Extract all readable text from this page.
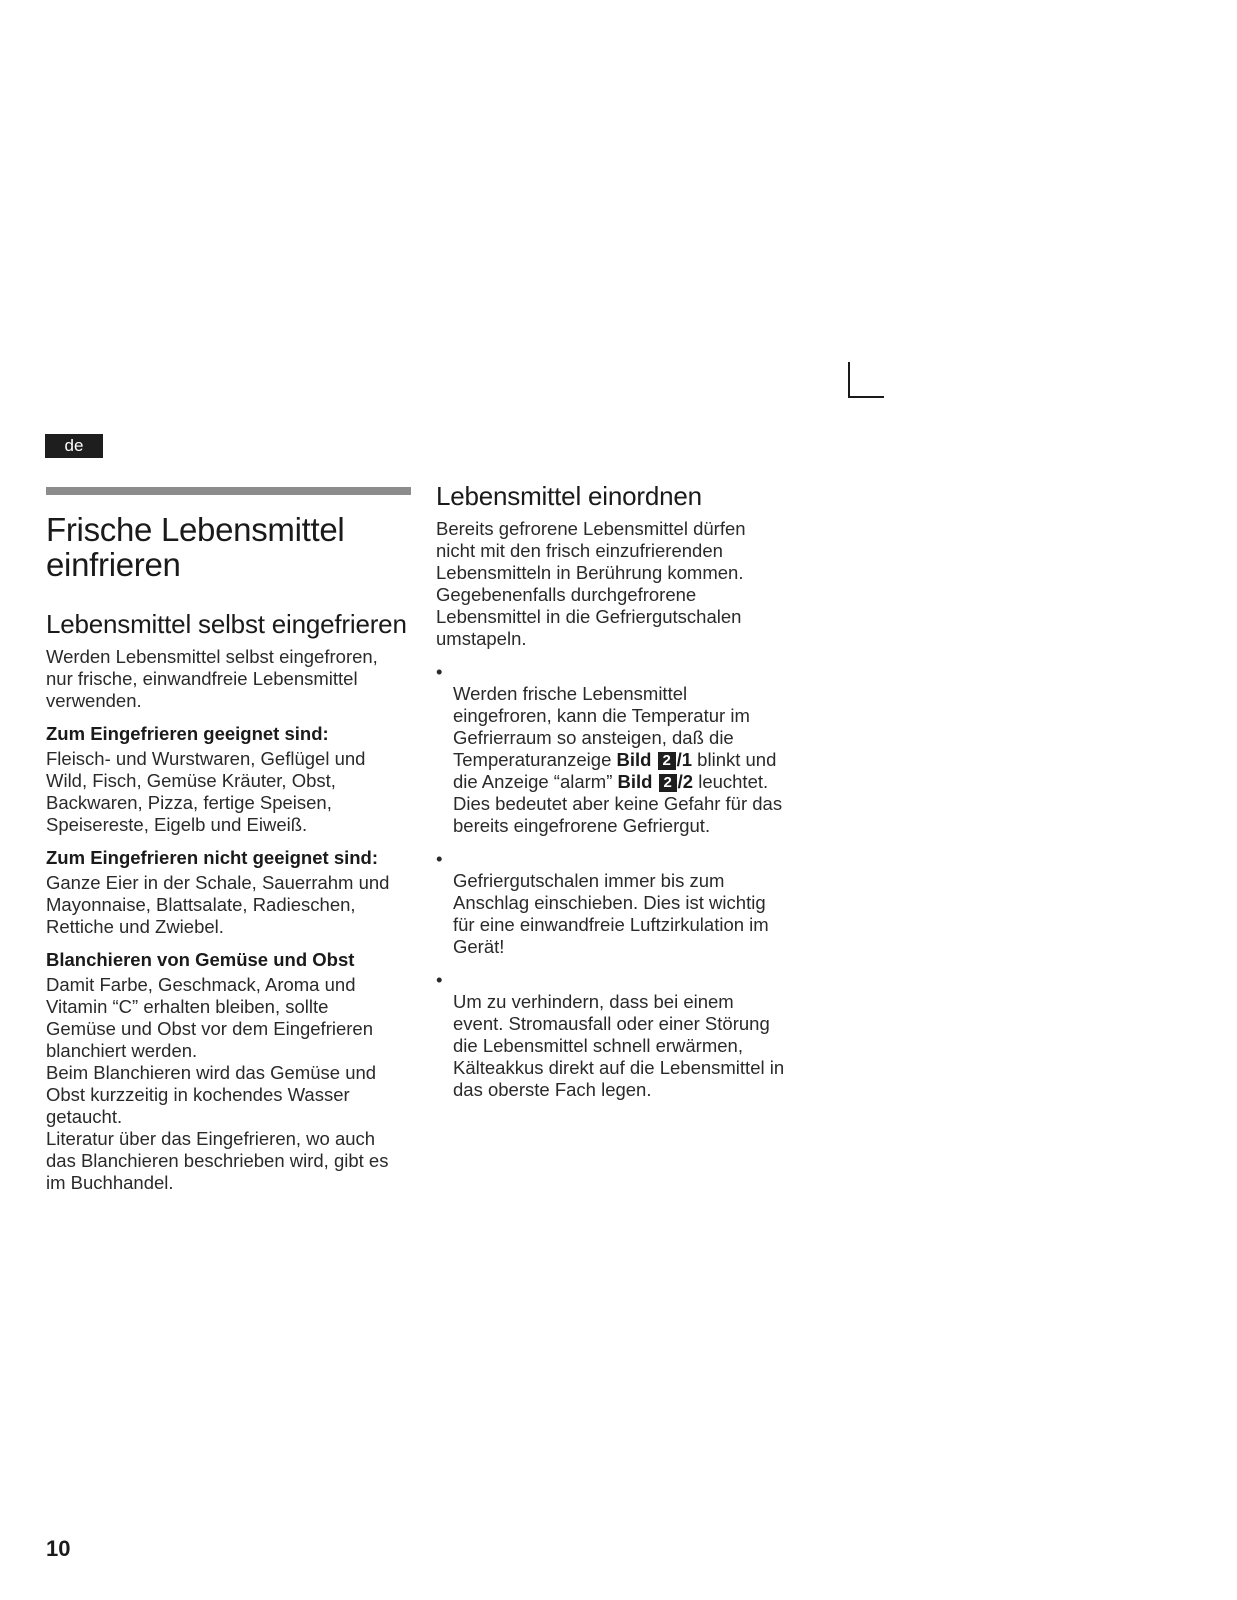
de
Frische Lebensmittel einfrieren
Lebensmittel selbst eingefrieren

Werden Lebensmittel selbst eingefroren,
nur frische, einwandfreie Lebensmittel
verwenden.

Zum Eingefrieren geeignet sind:

Fleisch- und Wurstwaren, Geflügel und
Wild, Fisch, Gemüse Kräuter, Obst,
Backwaren, Pizza, fertige Speisen,
Speisereste, Eigelb und Eiweiß.

Zum Eingefrieren nicht geeignet sind:

Ganze Eier in der Schale, Sauerrahm und
Mayonnaise, Blattsalate, Radieschen,
Rettiche und Zwiebel.

Blanchieren von Gemüse und Obst

Damit Farbe, Geschmack, Aroma und
Vitamin “C” erhalten bleiben, sollte
Gemüse und Obst vor dem Eingefrieren
blanchiert werden.
Beim Blanchieren wird das Gemüse und
Obst kurzzeitig in kochendes Wasser
getaucht.
Literatur über das Eingefrieren, wo auch
das Blanchieren beschrieben wird, gibt es
im Buchhandel.

Lebensmittel einordnen

Bereits gefrorene Lebensmittel dürfen
nicht mit den frisch einzufrierenden
Lebensmitteln in Berührung kommen.
Gegebenenfalls durchgefrorene
Lebensmittel in die Gefriergutschalen
umstapeln.

•
Werden frische Lebensmittel
eingefroren, kann die Temperatur im
Gefrierraum so ansteigen, daß die
Temperaturanzeige Bild 2 /1 blinkt und
die Anzeige “alarm” Bild 2 /2 leuchtet.
Dies bedeutet aber keine Gefahr für das
bereits eingefrorene Gefriergut.

•
Gefriergutschalen immer bis zum
Anschlag einschieben. Dies ist wichtig
für eine einwandfreie Luftzirkulation im
Gerät!

•
Um zu verhindern, dass bei einem
event. Stromausfall oder einer Störung
die Lebensmittel schnell erwärmen,
Kälteakkus direkt auf die Lebensmittel in
das oberste Fach legen.

10
